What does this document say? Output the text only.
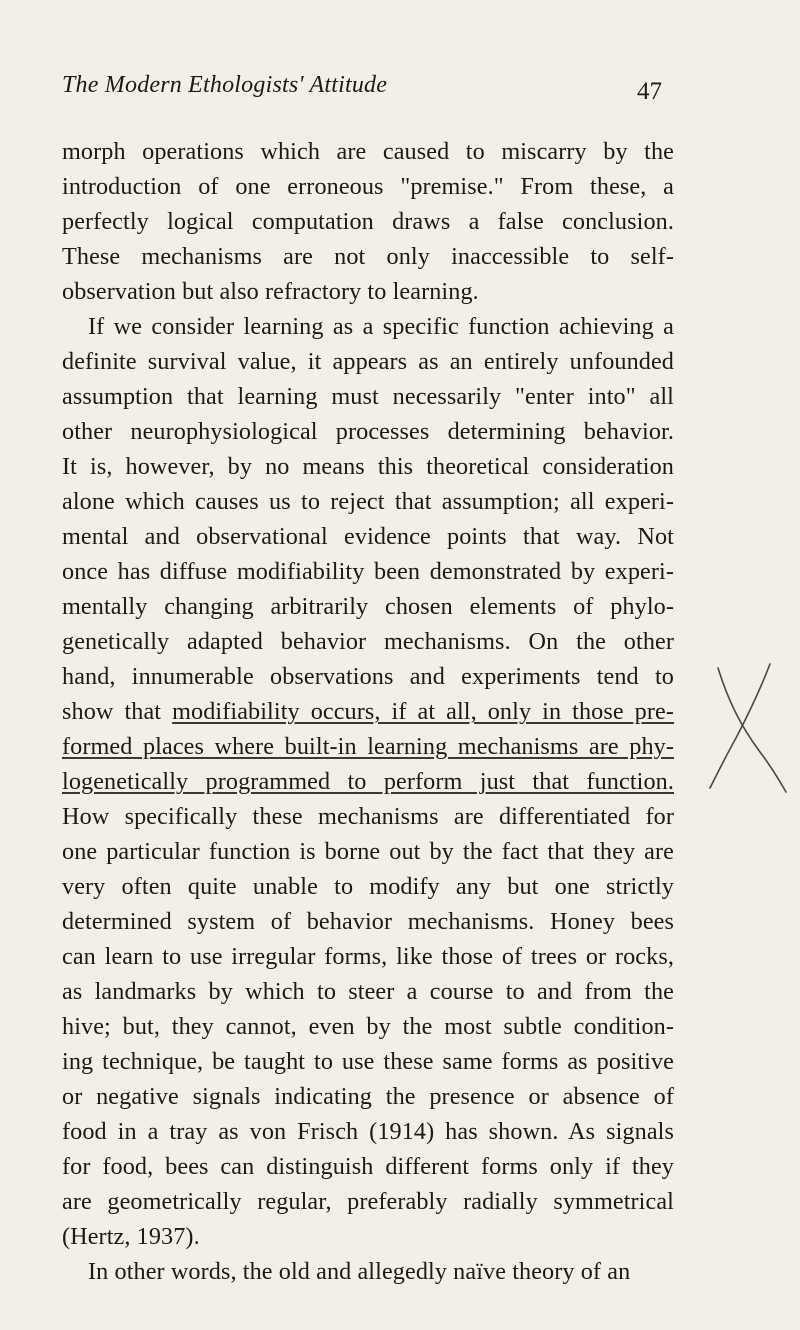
The Modern Ethologists' Attitude	47
morph operations which are caused to miscarry by the
introduction of one erroneous "premise." From these, a
perfectly logical computation draws a false conclusion.
These mechanisms are not only inaccessible to self-
observation but also refractory to learning.
If we consider learning as a specific function achieving a
definite survival value, it appears as an entirely unfounded
assumption that learning must necessarily "enter into" all
other neurophysiological processes determining behavior.
It is, however, by no means this theoretical consideration
alone which causes us to reject that assumption; all experi-
mental and observational evidence points that way. Not
once has diffuse modifiability been demonstrated by experi-
mentally changing arbitrarily chosen elements of phylo-
genetically adapted behavior mechanisms. On the other
hand, innumerable observations and experiments tend to
show that modifiability occurs, if at all, only in those pre-
formed places where built-in learning mechanisms are phy-
logenetically programmed to perform just that function.
How specifically these mechanisms are differentiated for
one particular function is borne out by the fact that they are
very often quite unable to modify any but one strictly
determined system of behavior mechanisms. Honey bees
can learn to use irregular forms, like those of trees or rocks,
as landmarks by which to steer a course to and from the
hive; but, they cannot, even by the most subtle condition-
ing technique, be taught to use these same forms as positive
or negative signals indicating the presence or absence of
food in a tray as von Frisch (1914) has shown. As signals
for food, bees can distinguish different forms only if they
are geometrically regular, preferably radially symmetrical
(Hertz, 1937).
In other words, the old and allegedly naïve theory of an
